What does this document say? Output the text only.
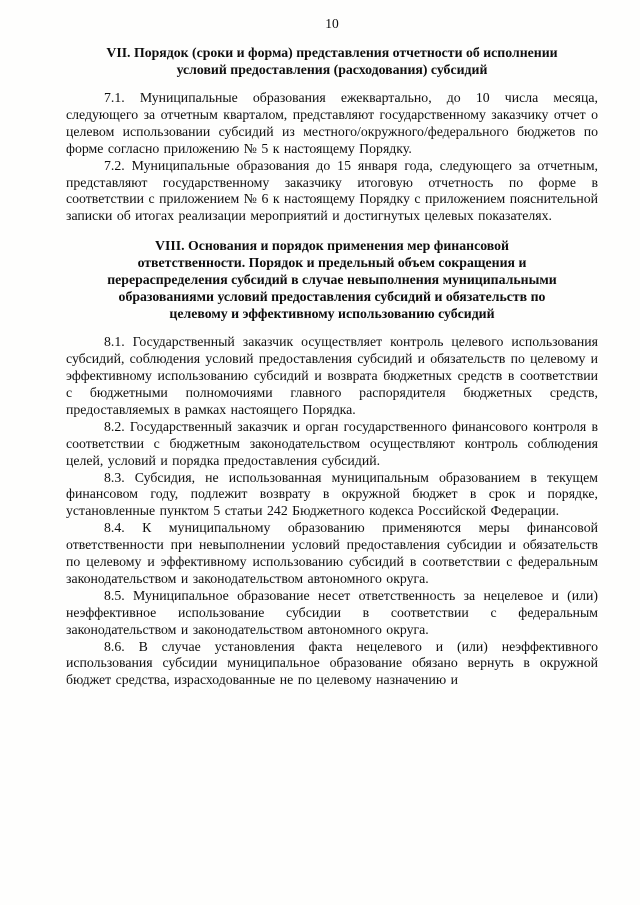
10
VII. Порядок (сроки и форма) представления отчетности об исполнении условий предоставления (расходования) субсидий

7.1. Муниципальные образования ежеквартально, до 10 числа месяца, следующего за отчетным кварталом, представляют государственному заказчику отчет о целевом использовании субсидий из местного/окружного/федерального бюджетов по форме согласно приложению № 5 к настоящему Порядку.

7.2. Муниципальные образования до 15 января года, следующего за отчетным, представляют государственному заказчику итоговую отчетность по форме в соответствии с приложением № 6 к настоящему Порядку с приложением пояснительной записки об итогах реализации мероприятий и достигнутых целевых показателях.

VIII. Основания и порядок применения мер финансовой ответственности. Порядок и предельный объем сокращения и перераспределения субсидий в случае невыполнения муниципальными образованиями условий предоставления субсидий и обязательств по целевому и эффективному использованию субсидий

8.1. Государственный заказчик осуществляет контроль целевого использования субсидий, соблюдения условий предоставления субсидий и обязательств по целевому и эффективному использованию субсидий и возврата бюджетных средств в соответствии с бюджетными полномочиями главного распорядителя бюджетных средств, предоставляемых в рамках настоящего Порядка.

8.2. Государственный заказчик и орган государственного финансового контроля в соответствии с бюджетным законодательством осуществляют контроль соблюдения целей, условий и порядка предоставления субсидий.

8.3. Субсидия, не использованная муниципальным образованием в текущем финансовом году, подлежит возврату в окружной бюджет в срок и порядке, установленные пунктом 5 статьи 242 Бюджетного кодекса Российской Федерации.

8.4. К муниципальному образованию применяются меры финансовой ответственности при невыполнении условий предоставления субсидии и обязательств по целевому и эффективному использованию субсидий в соответствии с федеральным законодательством и законодательством автономного округа.

8.5. Муниципальное образование несет ответственность за нецелевое и (или) неэффективное использование субсидии в соответствии с федеральным законодательством и законодательством автономного округа.

8.6. В случае установления факта нецелевого и (или) неэффективного использования субсидии муниципальное образование обязано вернуть в окружной бюджет средства, израсходованные не по целевому назначению и
